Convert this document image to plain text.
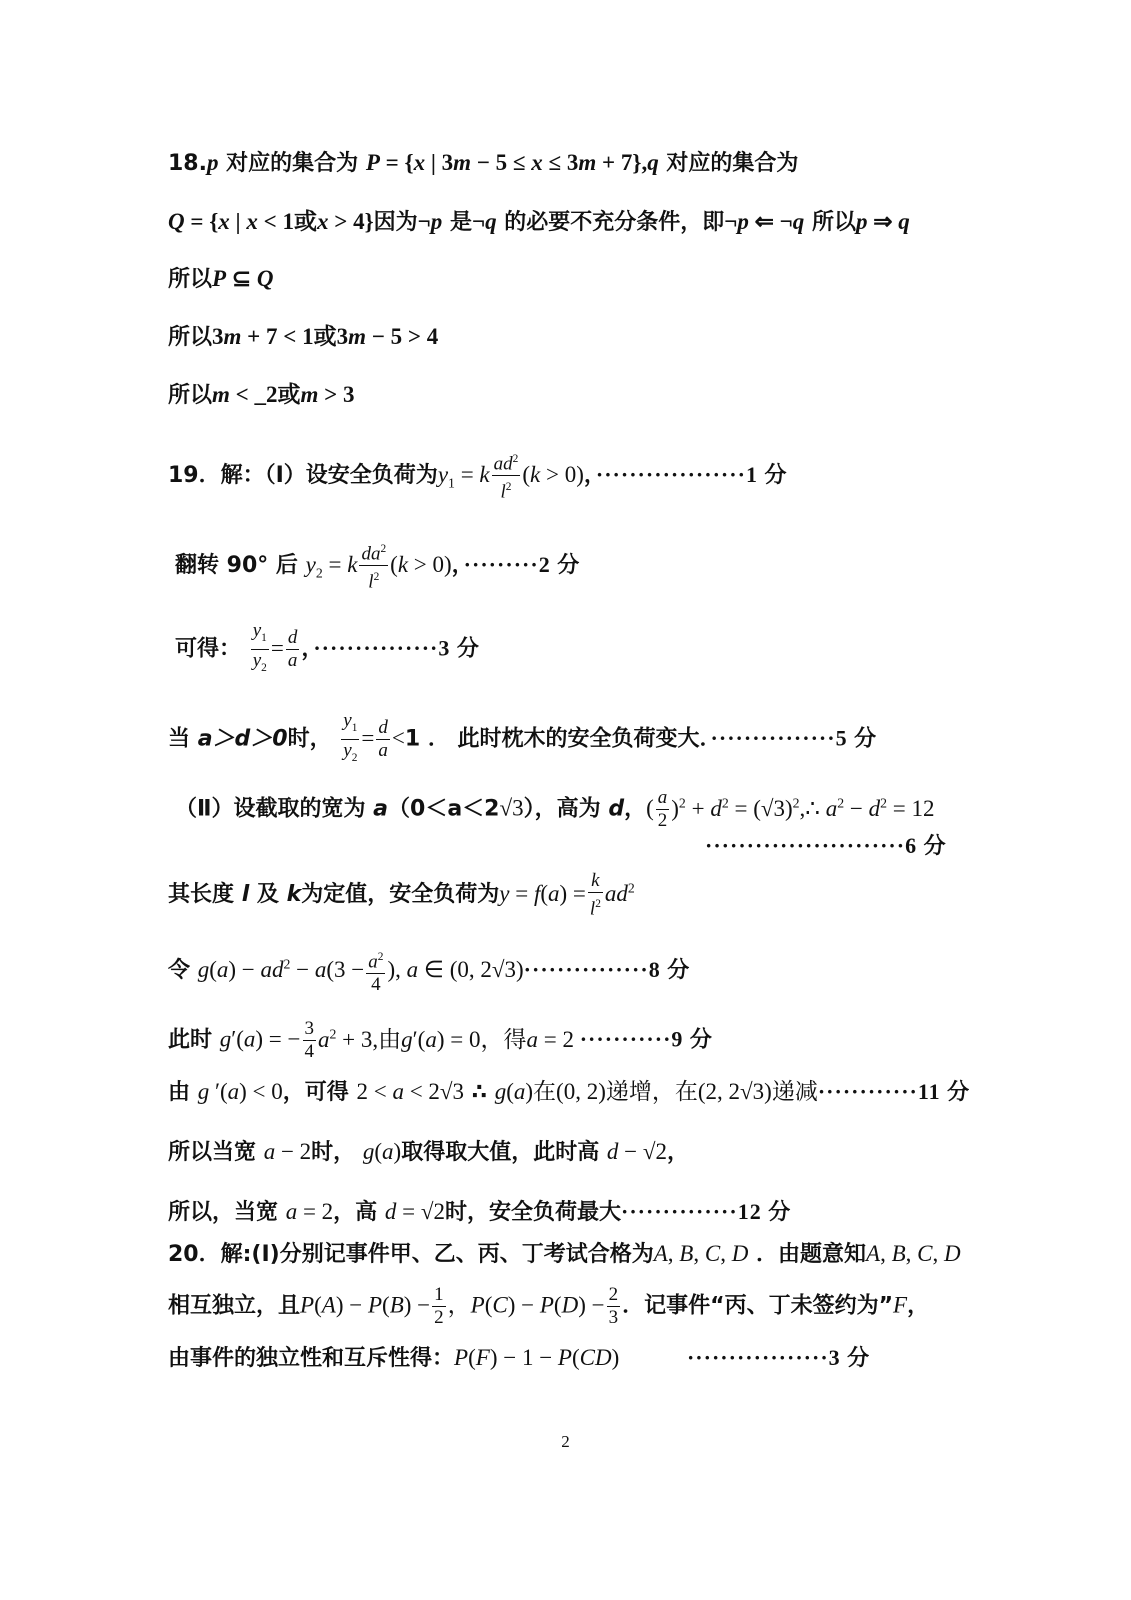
18.p 对应的集合为 P = {x | 3m − 5 ≤ x ≤ 3m + 7},q 对应的集合为
Q = {x | x < 1或x > 4}因为¬p 是¬q 的必要不充分条件，即¬p ⇐ ¬q 所以p ⇒ q
所以P ⊆ Q
所以3m + 7 < 1或3m − 5 > 4
所以m < _2或m > 3
19．解：（Ⅰ）设安全负荷为$y_1 = k \frac{ad^2}{l^2} (k > 0)$，··················1 分
翻转 90° 后 $y_2 = k \frac{da^2}{l^2} (k > 0)$，·········2 分
可得： $\frac{y_1}{y_2} = \frac{d}{a}$ ，···············3 分
当 a＞d＞0时， $\frac{y_1}{y_2} = \frac{d}{a} <1$ ． 此时枕木的安全负荷变大．···············5 分
（Ⅱ）设截取的宽为 a（0＜a＜2√3），高为 d，( $\frac{a}{2} )^2 + d^2$ = $(√3)^2,\therefore$ $a^2 - d^2 = 12$
························6 分
其长度 l 及 k为定值，安全负荷为$y = f(a) = \frac{k}{l^2} ad^2$
令 $g(a) - ad^2 - a(3 - \frac{a^2}{4}$ ), a ∈ (0, 2√3)···············8 分
此时 g′(a) = − $\frac{3}{4} a^2 + 3$,由g′(a) = 0，得a = 2 ···········9 分
由 g ′(a) < 0，可得 2 < a < 2√3 ∴ g(a)在(0, 2)递增，在(2, 2√3)递减············11 分
所以当宽 a − 2时， g(a)取得取大值，此时高 d − √2，
所以，当宽 a = 2，高 d = √2时，安全负荷最大··············12 分
20．解:(Ⅰ)分别记事件甲、乙、丙、丁考试合格为A, B, C, D ．由题意知A, B, C, D
相互独立，且$P(A) - P(B) - \frac{1}{2}$ ，$P(C) - P(D) - \frac{2}{3}$ ．记事件“丙、丁未签约为”F，
由事件的独立性和互斥性得：P(F) − 1 − P(CD)	·················3 分
2
